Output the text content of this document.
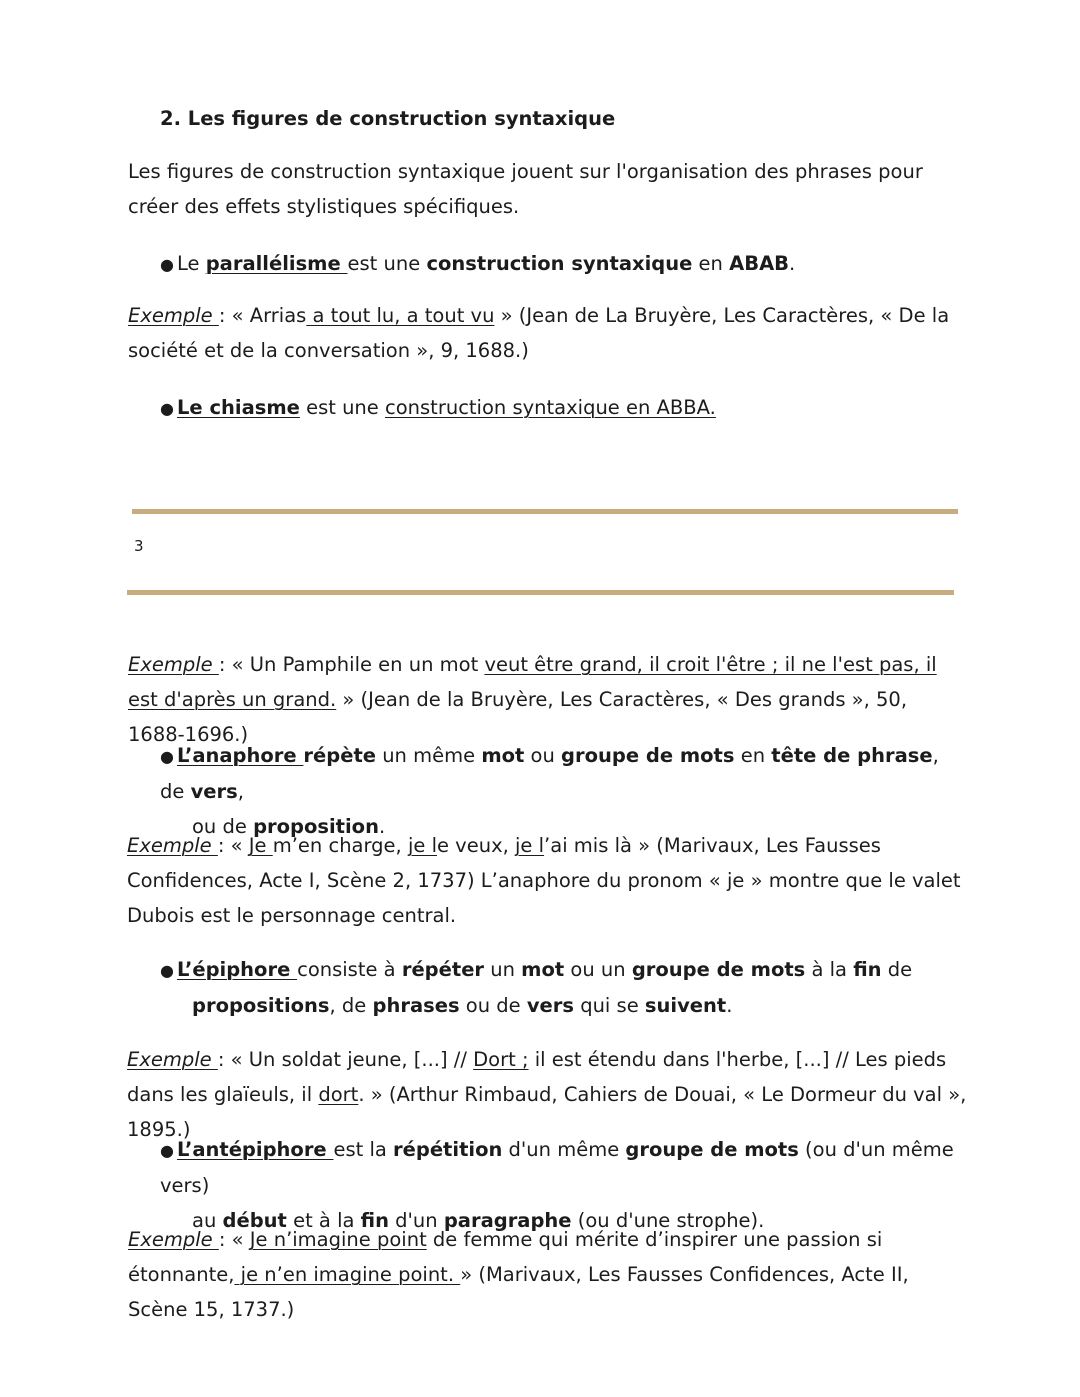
2. Les figures de construction syntaxique

Les figures de construction syntaxique jouent sur l'organisation des phrases pour créer des effets stylistiques spécifiques.

● Le parallélisme est une construction syntaxique en ABAB.

Exemple : « Arrias a tout lu, a tout vu » (Jean de La Bruyère, Les Caractères, « De la société et de la conversation », 9, 1688.)

● Le chiasme est une construction syntaxique en ABBA.

3

Exemple : « Un Pamphile en un mot veut être grand, il croit l'être ; il ne l'est pas, il est d'après un grand. » (Jean de la Bruyère, Les Caractères, « Des grands », 50, 1688-1696.)

● L’anaphore répète un même mot ou groupe de mots en tête de phrase, de vers,

ou de proposition.

Exemple : « Je m’en charge, je le veux, je l’ai mis là » (Marivaux, Les Fausses Confidences, Acte I, Scène 2, 1737) L’anaphore du pronom « je » montre que le valet Dubois est le personnage central.

● L’épiphore consiste à répéter un mot ou un groupe de mots à la fin de

propositions, de phrases ou de vers qui se suivent.

Exemple : « Un soldat jeune, [...] // Dort ; il est étendu dans l'herbe, [...] // Les pieds dans les glaïeuls, il dort. » (Arthur Rimbaud, Cahiers de Douai, « Le Dormeur du val », 1895.)

● L’antépiphore est la répétition d'un même groupe de mots (ou d'un même vers)

au début et à la fin d'un paragraphe (ou d'une strophe).

Exemple : « Je n’imagine point de femme qui mérite d’inspirer une passion si étonnante, je n’en imagine point. » (Marivaux, Les Fausses Confidences, Acte II, Scène 15, 1737.)
